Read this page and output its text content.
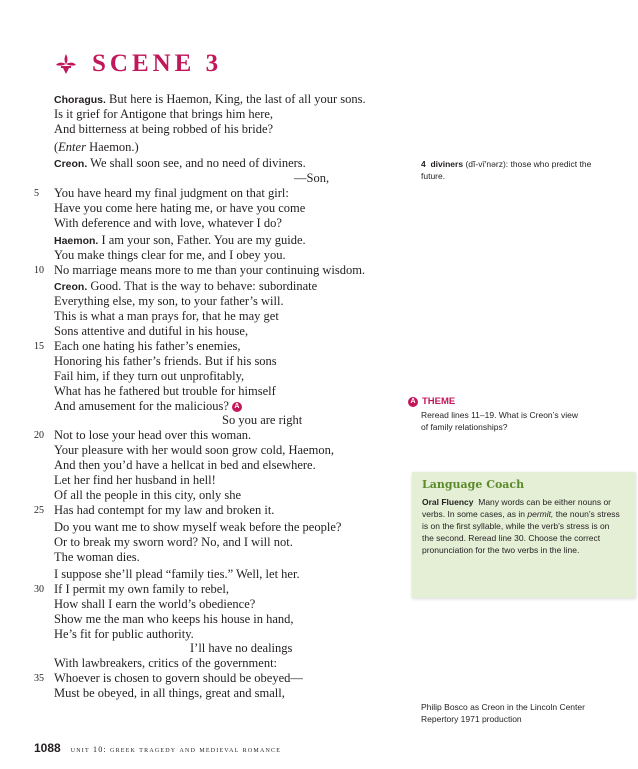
SCENE 3
Choragus. But here is Haemon, King, the last of all your sons.
Is it grief for Antigone that brings him here,
And bitterness at being robbed of his bride?
(Enter Haemon.)
Creon. We shall soon see, and no need of diviners.
—Son,
5	You have heard my final judgment on that girl:
Have you come here hating me, or have you come
With deference and with love, whatever I do?
Haemon. I am your son, Father. You are my guide.
You make things clear for me, and I obey you.
10 No marriage means more to me than your continuing wisdom.
Creon. Good. That is the way to behave: subordinate
Everything else, my son, to your father’s will.
This is what a man prays for, that he may get
Sons attentive and dutiful in his house,
15 Each one hating his father’s enemies,
Honoring his father’s friends. But if his sons
Fail him, if they turn out unprofitably,
What has he fathered but trouble for himself
And amusement for the malicious? A
So you are right
20 Not to lose your head over this woman.
Your pleasure with her would soon grow cold, Haemon,
And then you’d have a hellcat in bed and elsewhere.
Let her find her husband in hell!
Of all the people in this city, only she
25 Has had contempt for my law and broken it.
Do you want me to show myself weak before the people?
Or to break my sworn word? No, and I will not.
The woman dies.
I suppose she’ll plead “family ties.” Well, let her.
30 If I permit my own family to rebel,
How shall I earn the world’s obedience?
Show me the man who keeps his house in hand,
He’s fit for public authority.
I’ll have no dealings
With lawbreakers, critics of the government:
35 Whoever is chosen to govern should be obeyed—
Must be obeyed, in all things, great and small,
4 diviners (dĭ-vī′nərz): those who predict the future.
A THEME
Reread lines 11–19. What is Creon’s view of family relationships?
Language Coach
Oral Fluency Many words can be either nouns or verbs. In some cases, as in permit, the noun’s stress is on the first syllable, while the verb’s stress is on the second. Reread line 30. Choose the correct pronunciation for the two verbs in the line.
Philip Bosco as Creon in the Lincoln Center Repertory 1971 production
1088 unit 10: greek tragedy and medieval romance
